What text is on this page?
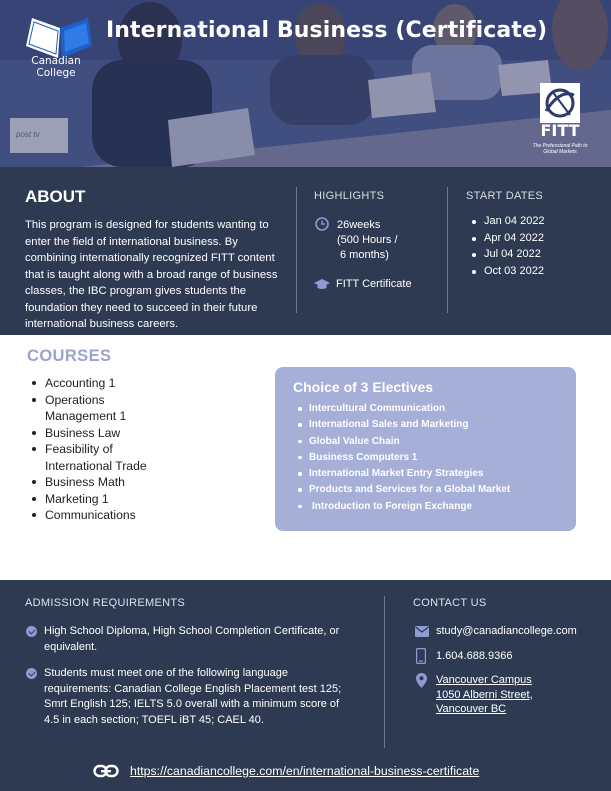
post tv
Canadian College
International Business (Certificate)
FITT
The Professional Path to Global Markets
ABOUT

This program is designed for students wanting to enter the field of international business. By combining internationally recognized FITT content that is taught along with a broad range of business classes, the IBC program gives students the foundation they need to succeed in their future international business careers.

HIGHLIGHTS
26weeks
(500 Hours /
6 months)
FITT Certificate
START DATES
Jan 04 2022
Apr 04 2022
Jul 04 2022
Oct 03 2022
COURSES
Accounting 1
Operations Management 1
Business Law
Feasibility of International Trade
Business Math
Marketing 1
Communications
Choice of 3 Electives
Intercultural Communication
International Sales and Marketing
Global Value Chain
Business Computers 1
International Market Entry Strategies
Products and Services for a Global Market
Introduction to Foreign Exchange
ADMISSION REQUIREMENTS
High School Diploma, High School Completion Certificate, or equivalent.
Students must meet one of the following language requirements: Canadian College English Placement test 125; Smrt English 125; IELTS 5.0 overall with a minimum score of 4.5 in each section; TOEFL iBT 45; CAEL 40.
CONTACT US
study@canadiancollege.com
1.604.688.9366
Vancouver Campus
1050 Alberni Street,
Vancouver BC
https://canadiancollege.com/en/international-business-certificate
